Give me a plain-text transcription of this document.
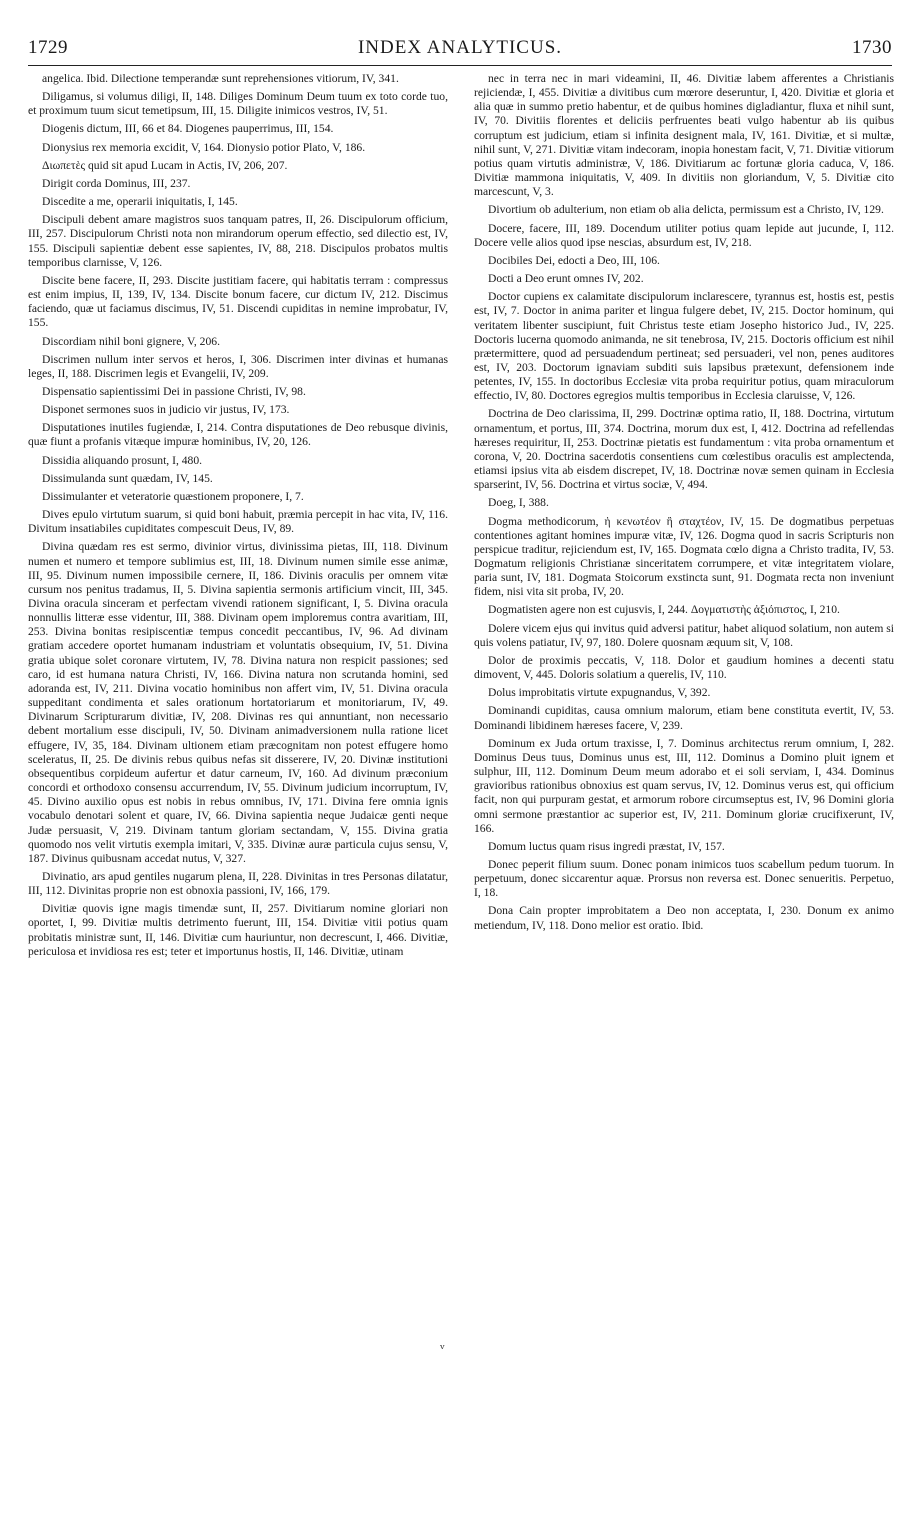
1729	INDEX ANALYTICUS.	1730

angelica. Ibid. Dilectione temperandæ sunt reprehensiones vitiorum, IV, 341.

Diligamus, si volumus diligi, II, 148. Diliges Dominum Deum tuum ex toto corde tuo, et proximum tuum sicut temetipsum, III, 15. Diligite inimicos vestros, IV, 51.

Diogenis dictum, III, 66 et 84. Diogenes pauperrimus, III, 154.

Dionysius rex memoria excidit, V, 164. Dionysio potior Plato, V, 186.

Διωπετὲς quid sit apud Lucam in Actis, IV, 206, 207.

Dirigit corda Dominus, III, 237.

Discedite a me, operarii iniquitatis, I, 145.

Discipuli debent amare magistros suos tanquam patres, II, 26. Discipulorum officium, III, 257. Discipulorum Christi nota non mirandorum operum effectio, sed dilectio est, IV, 155. Discipuli sapientiæ debent esse sapientes, IV, 88, 218. Discipulos probatos multis temporibus clarnisse, V, 126.

Discite bene facere, II, 293. Discite justitiam facere, qui habitatis terram : compressus est enim impius, II, 139, IV, 134. Discite bonum facere, cur dictum IV, 212. Discimus faciendo, quæ ut faciamus discimus, IV, 51. Discendi cupiditas in nemine improbatur, IV, 155.

Discordiam nihil boni gignere, V, 206.

Discrimen nullum inter servos et heros, I, 306. Discrimen inter divinas et humanas leges, II, 188. Discrimen legis et Evangelii, IV, 209.

Dispensatio sapientissimi Dei in passione Christi, IV, 98.

Disponet sermones suos in judicio vir justus, IV, 173.

Disputationes inutiles fugiendæ, I, 214. Contra disputationes de Deo rebusque divinis, quæ fiunt a profanis vitæque impuræ hominibus, IV, 20, 126.

Dissidia aliquando prosunt, I, 480.

Dissimulanda sunt quædam, IV, 145.

Dissimulanter et veteratorie quæstionem proponere, I, 7.

Dives epulo virtutum suarum, si quid boni habuit, præmia percepit in hac vita, IV, 116. Divitum insatiabiles cupiditates compescuit Deus, IV, 89.

Divina quædam res est sermo, divinior virtus, divinissima pietas, III, 118. Divinum numen et numero et tempore sublimius est, III, 18. Divinum numen simile esse animæ, III, 95. Divinum numen impossibile cernere, II, 186. Divinis oraculis per omnem vitæ cursum nos penitus tradamus, II, 5. Divina sapientia sermonis artificium vincit, III, 345. Divina oracula sinceram et perfectam vivendi rationem significant, I, 5. Divina oracula nonnullis litteræ esse videntur, III, 388. Divinam opem imploremus contra avaritiam, III, 253. Divina bonitas resipiscentiæ tempus concedit peccantibus, IV, 96. Ad divinam gratiam accedere oportet humanam industriam et voluntatis obsequium, IV, 51. Divina gratia ubique solet coronare virtutem, IV, 78. Divina natura non respicit passiones; sed caro, id est humana natura Christi, IV, 166. Divina natura non scrutanda homini, sed adoranda est, IV, 211. Divina vocatio hominibus non affert vim, IV, 51. Divina oracula suppeditant condimenta et sales orationum hortatoriarum et monitoriarum, IV, 49. Divinarum Scripturarum divitiæ, IV, 208. Divinas res qui annuntiant, non necessario debent mortalium esse discipuli, IV, 50. Divinam animadversionem nulla ratione licet effugere, IV, 35, 184. Divinam ultionem etiam præcognitam non potest effugere homo sceleratus, II, 25. De divinis rebus quibus nefas sit disserere, IV, 20. Divinæ institutioni obsequentibus corpideum aufertur et datur carneum, IV, 160. Ad divinum præconium concordi et orthodoxo consensu accurrendum, IV, 55. Divinum judicium incorruptum, IV, 45. Divino auxilio opus est nobis in rebus omnibus, IV, 171. Divina fere omnia ignis vocabulo denotari solent et quare, IV, 66. Divina sapientia neque Judaicæ genti neque Judæ persuasit, V, 219. Divinam tantum gloriam sectandam, V, 155. Divina gratia quomodo nos velit virtutis exempla imitari, V, 335. Divinæ auræ particula cujus sensu, V, 187. Divinus quibusnam accedat nutus, V, 327.

Divinatio, ars apud gentiles nugarum plena, II, 228. Divinitas in tres Personas dilatatur, III, 112. Divinitas proprie non est obnoxia passioni, IV, 166, 179.

Divitiæ quovis igne magis timendæ sunt, II, 257. Divitiarum nomine gloriari non oportet, I, 99. Divitiæ multis detrimento fuerunt, III, 154. Divitiæ vitii potius quam probitatis ministræ sunt, II, 146. Divitiæ cum hauriuntur, non decrescunt, I, 466. Divitiæ, periculosa et invidiosa res est; teter et importunus hostis, II, 146. Divitiæ, utinam

nec in terra nec in mari videamini, II, 46. Divitiæ labem afferentes a Christianis rejiciendæ, I, 455. Divitiæ a divitibus cum mœrore deseruntur, I, 420. Divitiæ et gloria et alia quæ in summo pretio habentur, et de quibus homines digladiantur, fluxa et nihil sunt, IV, 70. Divitiis florentes et deliciis perfruentes beati vulgo habentur ab iis quibus corruptum est judicium, etiam si infinita designent mala, IV, 161. Divitiæ, et si multæ, nihil sunt, V, 271. Divitiæ vitam indecoram, inopia honestam facit, V, 71. Divitiæ vitiorum potius quam virtutis administræ, V, 186. Divitiarum ac fortunæ gloria caduca, V, 186. Divitiæ mammona iniquitatis, V, 409. In divitiis non gloriandum, V, 5. Divitiæ cito marcescunt, V, 3.

Divortium ob adulterium, non etiam ob alia delicta, permissum est a Christo, IV, 129.

Docere, facere, III, 189. Docendum utiliter potius quam lepide aut jucunde, I, 112. Docere velle alios quod ipse nescias, absurdum est, IV, 218.

Docibiles Dei, edocti a Deo, III, 106.

Docti a Deo erunt omnes IV, 202.

Doctor cupiens ex calamitate discipulorum inclarescere, tyrannus est, hostis est, pestis est, IV, 7. Doctor in anima pariter et lingua fulgere debet, IV, 215. Doctor hominum, qui veritatem libenter suscipiunt, fuit Christus teste etiam Josepho historico Jud., IV, 225. Doctoris lucerna quomodo animanda, ne sit tenebrosa, IV, 215. Doctoris officium est nihil prætermittere, quod ad persuadendum pertineat; sed persuaderi, vel non, penes auditores est, IV, 203. Doctorum ignaviam subditi suis lapsibus prætexunt, defensionem inde petentes, IV, 155. In doctoribus Ecclesiæ vita proba requiritur potius, quam miraculorum effectio, IV, 80. Doctores egregios multis temporibus in Ecclesia claruisse, V, 126.

Doctrina de Deo clarissima, II, 299. Doctrinæ optima ratio, II, 188. Doctrina, virtutum ornamentum, et portus, III, 374. Doctrina, morum dux est, I, 412. Doctrina ad refellendas hæreses requiritur, II, 253. Doctrinæ pietatis est fundamentum : vita proba ornamentum et corona, V, 20. Doctrina sacerdotis consentiens cum cœlestibus oraculis est amplectenda, etiamsi ipsius vita ab eisdem discrepet, IV, 18. Doctrinæ novæ semen quinam in Ecclesia sparserint, IV, 56. Doctrina et virtus sociæ, V, 494.

Doeg, I, 388.

Dogma methodicorum, ἡ κενωτέον ἢ σταχτέον, IV, 15. De dogmatibus perpetuas contentiones agitant homines impuræ vitæ, IV, 126. Dogma quod in sacris Scripturis non perspicue traditur, rejiciendum est, IV, 165. Dogmata cœlo digna a Christo tradita, IV, 53. Dogmatum religionis Christianæ sinceritatem corrumpere, et vitæ integritatem violare, paria sunt, IV, 181. Dogmata Stoicorum exstincta sunt, 91. Dogmata recta non inveniunt fidem, nisi vita sit proba, IV, 20.

Dogmatisten agere non est cujusvis, I, 244. Δογματιστὴς ἀξιόπιστος, I, 210.

Dolere vicem ejus qui invitus quid adversi patitur, habet aliquod solatium, non autem si quis volens patiatur, IV, 97, 180. Dolere quosnam æquum sit, V, 108.

Dolor de proximis peccatis, V, 118. Dolor et gaudium homines a decenti statu dimovent, V, 445. Doloris solatium a querelis, IV, 110.

Dolus improbitatis virtute expugnandus, V, 392.

Dominandi cupiditas, causa omnium malorum, etiam bene constituta evertit, IV, 53. Dominandi libidinem hæreses facere, V, 239.

Dominum ex Juda ortum traxisse, I, 7. Dominus architectus rerum omnium, I, 282. Dominus Deus tuus, Dominus unus est, III, 112. Dominus a Domino pluit ignem et sulphur, III, 112. Dominum Deum meum adorabo et ei soli serviam, I, 434. Dominus gravioribus rationibus obnoxius est quam servus, IV, 12. Dominus verus est, qui officium facit, non qui purpuram gestat, et armorum robore circumseptus est, IV, 96 Domini gloria omni sermone præstantior ac superior est, IV, 211. Dominum gloriæ crucifixerunt, IV, 166.

Domum luctus quam risus ingredi præstat, IV, 157.

Donec peperit filium suum. Donec ponam inimicos tuos scabellum pedum tuorum. In perpetuum, donec siccarentur aquæ. Prorsus non reversa est. Donec senueritis. Perpetuo, I, 18.

Dona Cain propter improbitatem a Deo non acceptata, I, 230. Donum ex animo metiendum, IV, 118. Dono melior est oratio. Ibid.

ᵛ
